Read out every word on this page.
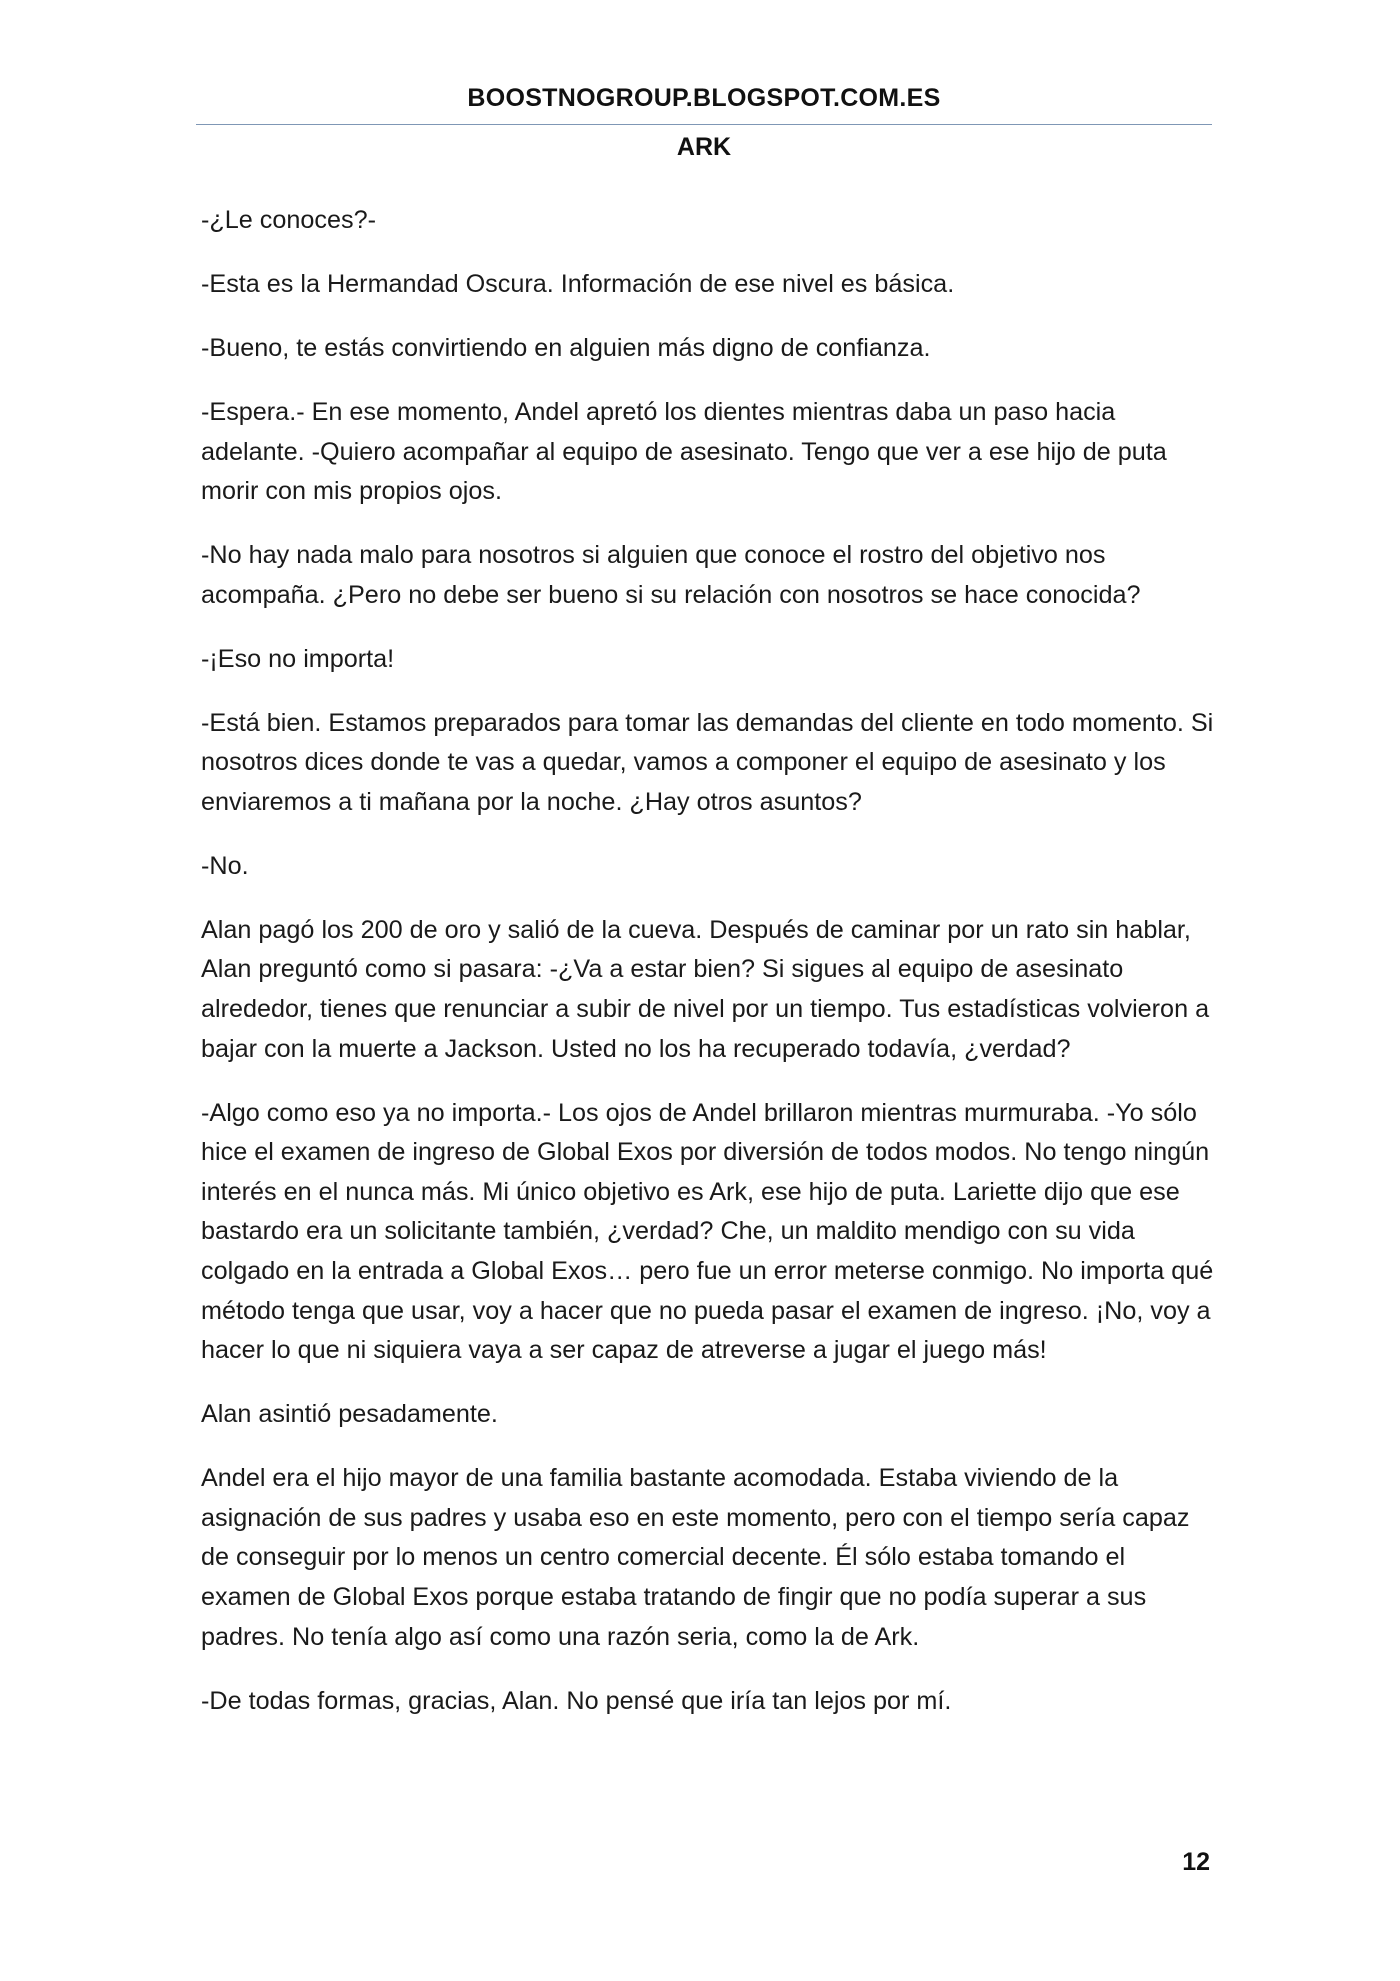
BOOSTNOGROUP.BLOGSPOT.COM.ES
ARK

-¿Le conoces?-

-Esta es la Hermandad Oscura. Información de ese nivel es básica.

-Bueno, te estás convirtiendo en alguien más digno de confianza.

-Espera.- En ese momento, Andel apretó los dientes mientras daba un paso hacia adelante. -Quiero acompañar al equipo de asesinato. Tengo que ver a ese hijo de puta morir con mis propios ojos.

-No hay nada malo para nosotros si alguien que conoce el rostro del objetivo nos acompaña. ¿Pero no debe ser bueno si su relación con nosotros se hace conocida?

-¡Eso no importa!

-Está bien. Estamos preparados para tomar las demandas del cliente en todo momento. Si nosotros dices donde te vas a quedar, vamos a componer el equipo de asesinato y los enviaremos a ti mañana por la noche. ¿Hay otros asuntos?

-No.

Alan pagó los 200 de oro y salió de la cueva. Después de caminar por un rato sin hablar, Alan preguntó como si pasara: -¿Va a estar bien? Si sigues al equipo de asesinato alrededor, tienes que renunciar a subir de nivel por un tiempo. Tus estadísticas volvieron a bajar con la muerte a Jackson. Usted no los ha recuperado todavía, ¿verdad?

-Algo como eso ya no importa.- Los ojos de Andel brillaron mientras murmuraba. -Yo sólo hice el examen de ingreso de Global Exos por diversión de todos modos. No tengo ningún interés en el nunca más. Mi único objetivo es Ark, ese hijo de puta. Lariette dijo que ese bastardo era un solicitante también, ¿verdad? Che, un maldito mendigo con su vida colgado en la entrada a Global Exos… pero fue un error meterse conmigo. No importa qué método tenga que usar, voy a hacer que no pueda pasar el examen de ingreso. ¡No, voy a hacer lo que ni siquiera vaya a ser capaz de atreverse a jugar el juego más!

Alan asintió pesadamente.

Andel era el hijo mayor de una familia bastante acomodada. Estaba viviendo de la asignación de sus padres y usaba eso en este momento, pero con el tiempo sería capaz de conseguir por lo menos un centro comercial decente. Él sólo estaba tomando el examen de Global Exos porque estaba tratando de fingir que no podía superar a sus padres. No tenía algo así como una razón seria, como la de Ark.

-De todas formas, gracias, Alan. No pensé que iría tan lejos por mí.

12
